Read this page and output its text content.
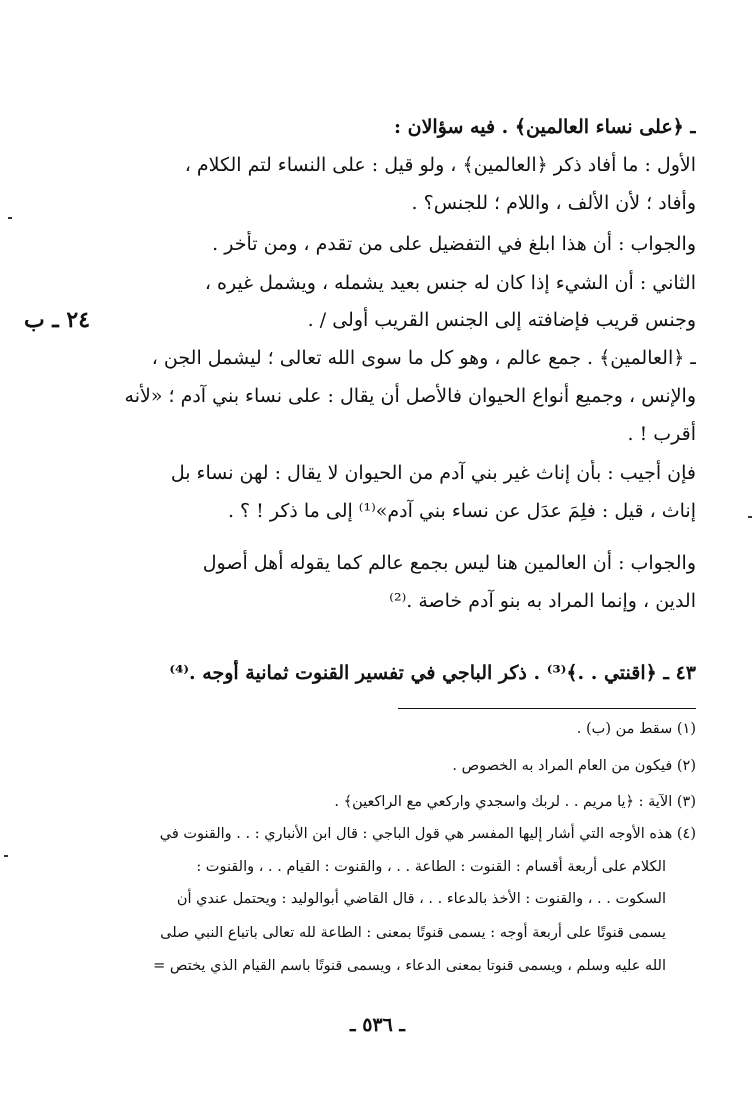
ـ ﴿على نساء العالمين﴾ . فيه سؤالان :
الأول : ما أفاد ذكر ﴿العالمين﴾ ، ولو قيل : على النساء لتم الكلام ،
وأفاد ؛ لأن الألف ، واللام ؛ للجنس؟ .
والجواب : أن هذا ابلغ في التفضيل على من تقدم ، ومن تأخر .
الثاني : أن الشيء إذا كان له جنس بعيد يشمله ، ويشمل غيره ،
وجنس قريب فإضافته إلى الجنس القريب أولى / .
٢٤ ـ ب
ـ ﴿العالمين﴾ . جمع عالم ، وهو كل ما سوى الله تعالى ؛ ليشمل الجن ،
والإنس ، وجميع أنواع الحيوان فالأصل أن يقال : على نساء بني آدم ؛ «لأنه
أقرب ! .
فإن أُجيب : بأن إناث غير بني آدم من الحيوان لا يقال : لهن نساء بل
إناث ، قيل : فلِمَ عدَل عن نساء بني آدم»⁽¹⁾ إلى ما ذكر ! ؟ .
والجواب : أن العالمين هنا ليس بجمع عالم كما يقوله أهل أصول
الدين ، وإنما المراد به بنو آدم خاصة .⁽²⁾
٤٣ ـ ﴿اقنتي . .﴾⁽³⁾ . ذكر الباجي في تفسير القنوت ثمانية أوجه .⁽⁴⁾
(١) سقط من (ب) .
(٢) فيكون من العام المراد به الخصوص .
(٣) الآية : ﴿يا مريم . . لربك واسجدي واركعي مع الراكعين﴾ .
(٤) هذه الأوجه التي أشار إليها المفسر هي قول الباجي : قال ابن الأنباري : . . والقنوت في
الكلام على أربعة أقسام : القنوت : الطاعة . . ، والقنوت : القيام . . ، والقنوت :
السكوت . . ، والقنوت : الأخذ بالدعاء . . ، قال القاضي أبوالوليد : ويحتمل عندي أن
يسمى قنوتًا على أربعة أوجه : يسمى قنوتًا بمعنى : الطاعة لله تعالى باتباع النبي صلى
الله عليه وسلم ، ويسمى قنوتا بمعنى الدعاء ، ويسمى قنوتًا باسم القيام الذي يختص =
ـ ٥٣٦ ـ
